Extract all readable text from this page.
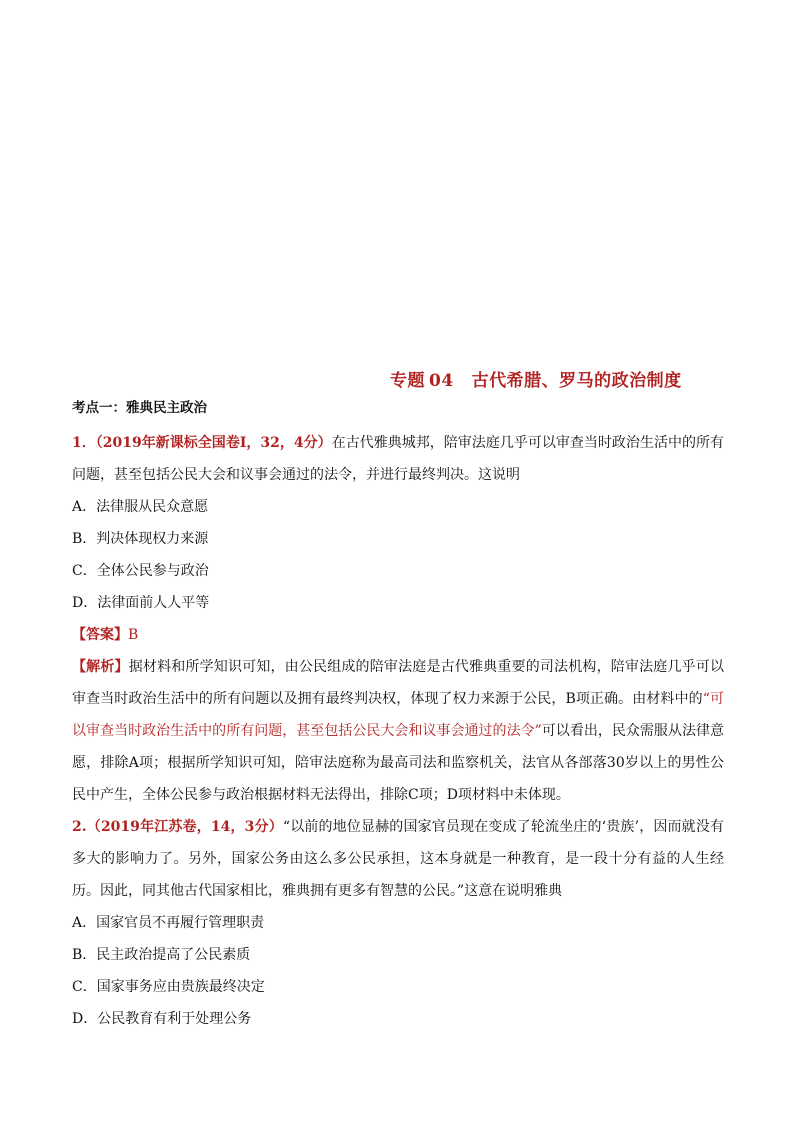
专题 04 古代希腊、罗马的政治制度
考点一：雅典民主政治

1．（2019年新课标全国卷Ⅰ，32，4分）在古代雅典城邦，陪审法庭几乎可以审查当时政治生活中的所有问题，甚至包括公民大会和议事会通过的法令，并进行最终判决。这说明

A．法律服从民众意愿

B．判决体现权力来源

C．全体公民参与政治

D．法律面前人人平等

【答案】B

【解析】据材料和所学知识可知，由公民组成的陪审法庭是古代雅典重要的司法机构，陪审法庭几乎可以审查当时政治生活中的所有问题以及拥有最终判决权，体现了权力来源于公民，B项正确。由材料中的“可以审查当时政治生活中的所有问题，甚至包括公民大会和议事会通过的法令”可以看出，民众需服从法律意愿，排除A项；根据所学知识可知，陪审法庭称为最高司法和监察机关，法官从各部落30岁以上的男性公民中产生，全体公民参与政治根据材料无法得出，排除C项；D项材料中未体现。

2.（2019年江苏卷，14，3分）“以前的地位显赫的国家官员现在变成了轮流坐庄的‘贵族’，因而就没有多大的影响力了。另外，国家公务由这么多公民承担，这本身就是一种教育，是一段十分有益的人生经历。因此，同其他古代国家相比，雅典拥有更多有智慧的公民。”这意在说明雅典

A．国家官员不再履行管理职责

B．民主政治提高了公民素质

C．国家事务应由贵族最终决定

D．公民教育有利于处理公务
